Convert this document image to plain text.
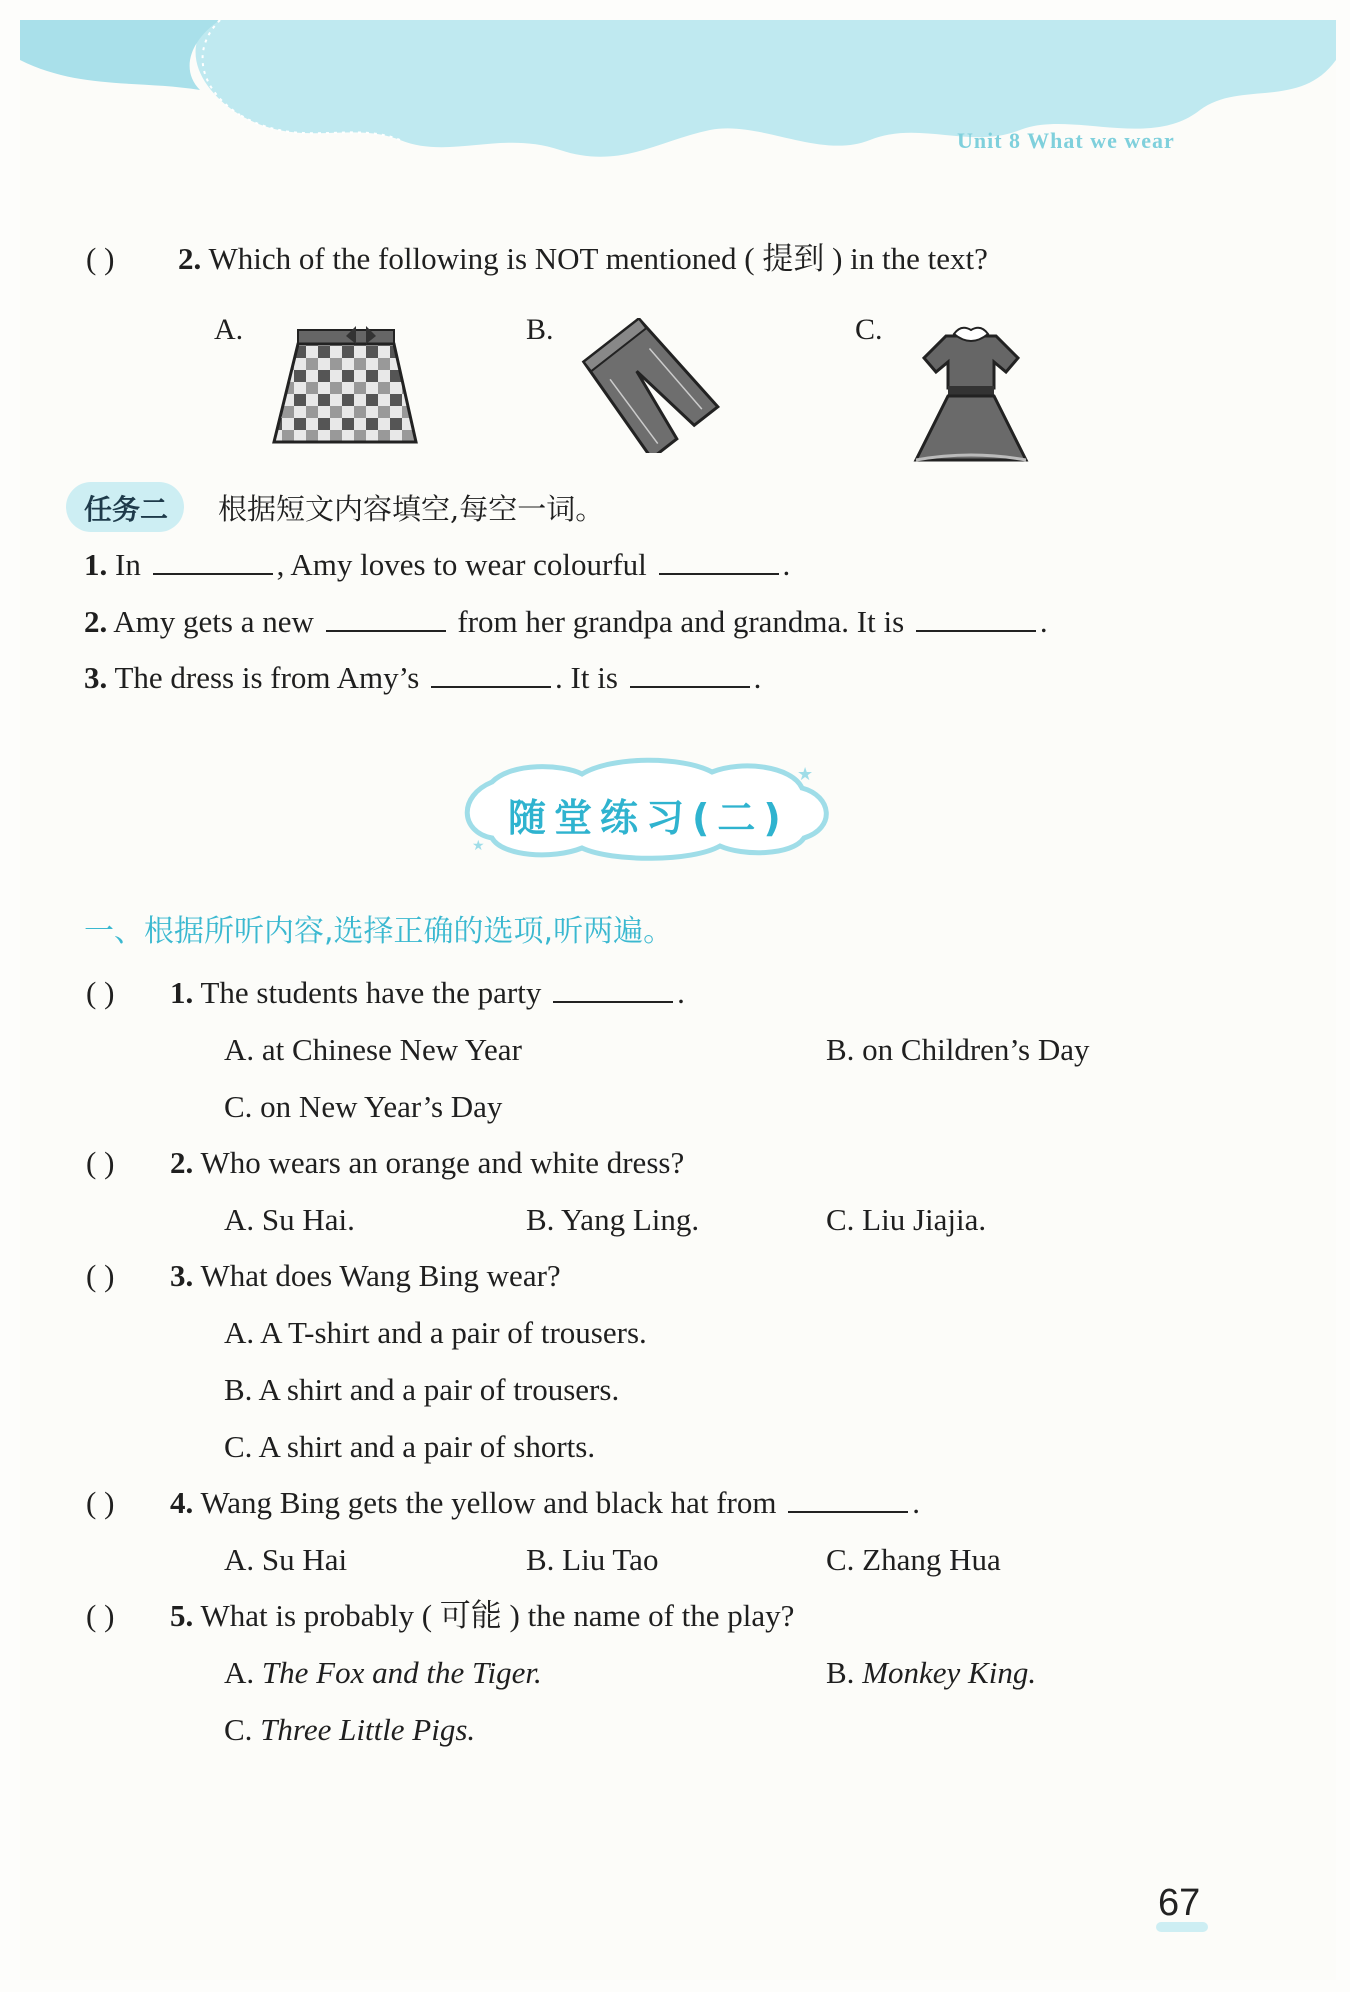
Unit 8 What we wear
( ) 2. Which of the following is NOT mentioned ( 提到 ) in the text?
A.	B.	C.
任务二 根据短文内容填空,每空一词。
1. In	, Amy loves to wear colourful	.
2. Amy gets a new	from her grandpa and grandma. It is	.
3. The dress is from Amy’s	. It is	.
★
★
随堂练习(二)
一、根据所听内容,选择正确的选项,听两遍。
( ) 1. The students have the party	.
A. at Chinese New Year	B. on Children’s Day
C. on New Year’s Day
( ) 2. Who wears an orange and white dress?
A. Su Hai.	B. Yang Ling.	C. Liu Jiajia.
( ) 3. What does Wang Bing wear?
A. A T-shirt and a pair of trousers.
B. A shirt and a pair of trousers.
C. A shirt and a pair of shorts.
( ) 4. Wang Bing gets the yellow and black hat from	.
A. Su Hai	B. Liu Tao	C. Zhang Hua
( ) 5. What is probably ( 可能 ) the name of the play?
A. The Fox and the Tiger.	B. Monkey King.
C. Three Little Pigs.
67
